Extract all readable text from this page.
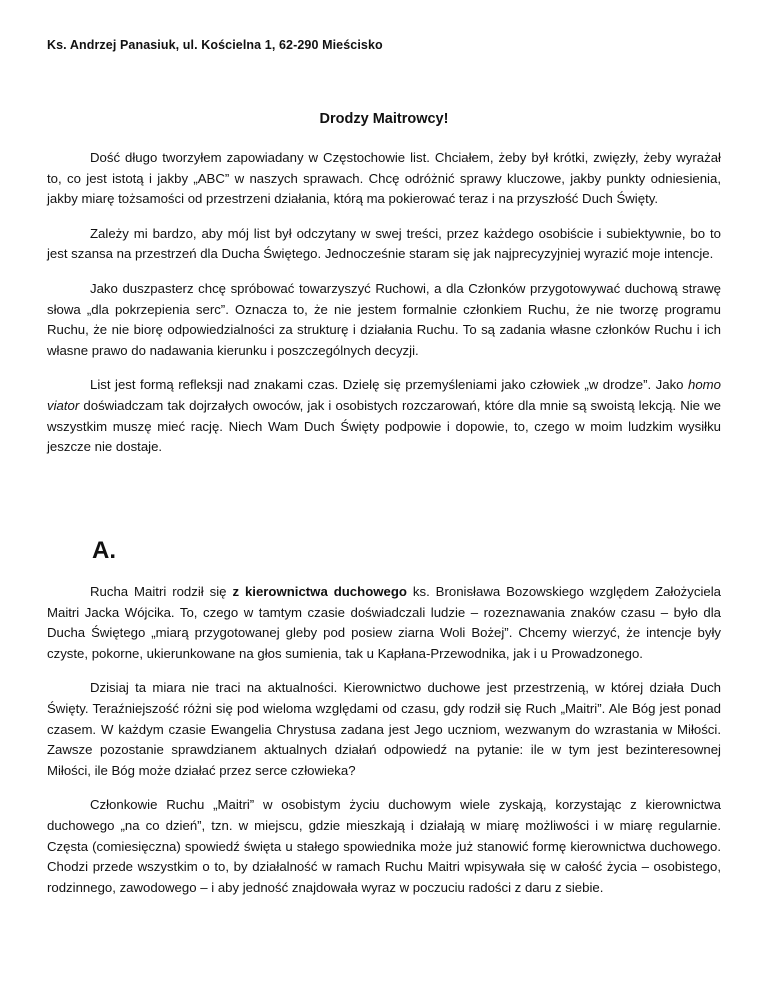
Ks. Andrzej Panasiuk, ul. Kościelna 1, 62-290 Mieścisko
Drodzy Maitrowcy!

Dość długo tworzyłem zapowiadany w Częstochowie list. Chciałem, żeby był krótki, zwięzły, żeby wyrażał to, co jest istotą i jakby „ABC” w naszych sprawach. Chcę odróżnić sprawy kluczowe, jakby punkty odniesienia, jakby miarę tożsamości od przestrzeni działania, którą ma pokierować teraz i na przyszłość Duch Święty.

Zależy mi bardzo, aby mój list był odczytany w swej treści, przez każdego osobiście i subiektywnie, bo to jest szansa na przestrzeń dla Ducha Świętego. Jednocześnie staram się jak najprecyzyjniej wyrazić moje intencje.

Jako duszpasterz chcę spróbować towarzyszyć Ruchowi, a dla Członków przygotowywać duchową strawę słowa „dla pokrzepienia serc”. Oznacza to, że nie jestem formalnie członkiem Ruchu, że nie tworzę programu Ruchu, że nie biorę odpowiedzialności za strukturę i działania Ruchu. To są zadania własne członków Ruchu i ich własne prawo do nadawania kierunku i poszczególnych decyzji.

List jest formą refleksji nad znakami czas. Dzielę się przemyśleniami jako człowiek „w drodze”. Jako homo viator doświadczam tak dojrzałych owoców, jak i osobistych rozczarowań, które dla mnie są swoistą lekcją. Nie we wszystkim muszę mieć rację. Niech Wam Duch Święty podpowie i dopowie, to, czego w moim ludzkim wysiłku jeszcze nie dostaje.

A.

Rucha Maitri rodził się z kierownictwa duchowego ks. Bronisława Bozowskiego względem Założyciela Maitri Jacka Wójcika. To, czego w tamtym czasie doświadczali ludzie – rozeznawania znaków czasu – było dla Ducha Świętego „miarą przygotowanej gleby pod posiew ziarna Woli Bożej”. Chcemy wierzyć, że intencje były czyste, pokorne, ukierunkowane na głos sumienia, tak u Kapłana-Przewodnika, jak i u Prowadzonego.

Dzisiaj ta miara nie traci na aktualności. Kierownictwo duchowe jest przestrzenią, w której działa Duch Święty. Teraźniejszość różni się pod wieloma względami od czasu, gdy rodził się Ruch „Maitri”. Ale Bóg jest ponad czasem. W każdym czasie Ewangelia Chrystusa zadana jest Jego uczniom, wezwanym do wzrastania w Miłości. Zawsze pozostanie sprawdzianem aktualnych działań odpowiedź na pytanie: ile w tym jest bezinteresownej Miłości, ile Bóg może działać przez serce człowieka?

Członkowie Ruchu „Maitri” w osobistym życiu duchowym wiele zyskają, korzystając z kierownictwa duchowego „na co dzień”, tzn. w miejscu, gdzie mieszkają i działają w miarę możliwości i w miarę regularnie. Częsta (comiesięczna) spowiedź święta u stałego spowiednika może już stanowić formę kierownictwa duchowego. Chodzi przede wszystkim o to, by działalność w ramach Ruchu Maitri wpisywała się w całość życia – osobistego, rodzinnego, zawodowego – i aby jedność znajdowała wyraz w poczuciu radości z daru z siebie.
